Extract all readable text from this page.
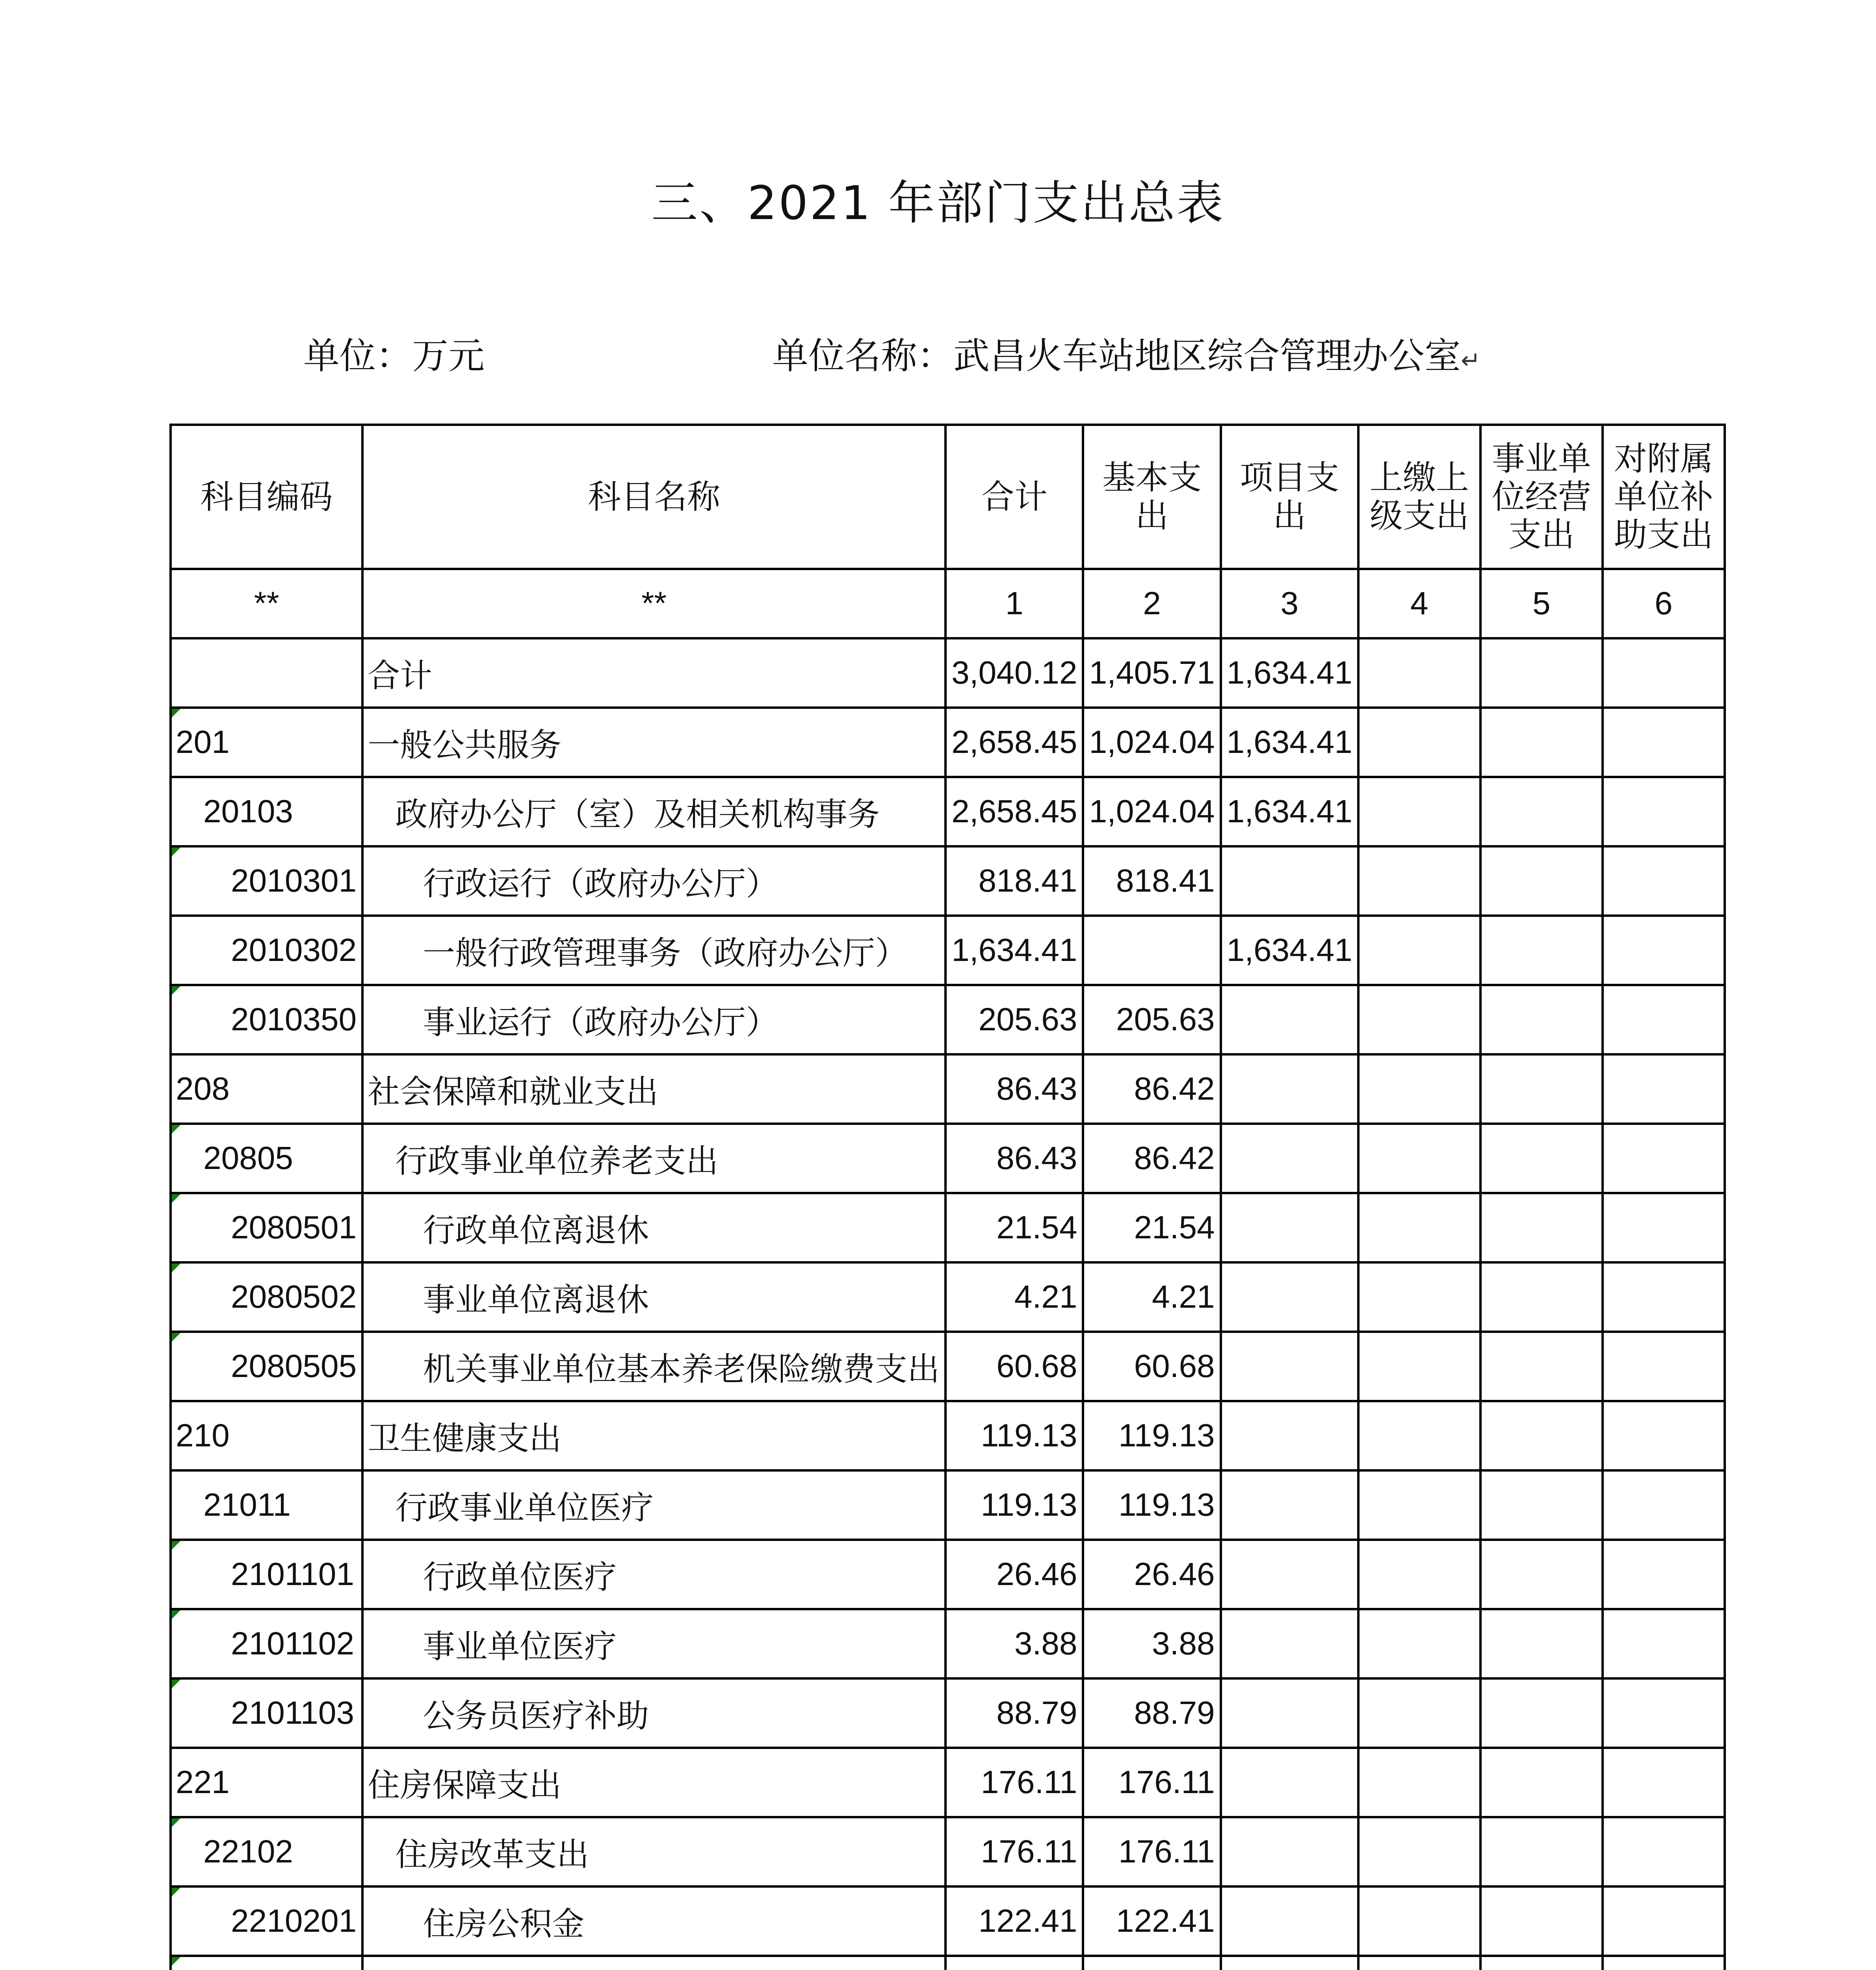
三、2021 年部门支出总表
单位：万元	单位名称：武昌火车站地区综合管理办公室↵
科目编码	科目名称	合计	基本支出	项目支出	上缴上级支出	事业单位经营支出	对附属单位补助支出
**	**	1	2	3	4	5	6
	合计	3,040.12	1,405.71	1,634.41			
201	一般公共服务	2,658.45	1,024.04	1,634.41			
20103	政府办公厅（室）及相关机构事务	2,658.45	1,024.04	1,634.41			
2010301	行政运行（政府办公厅）	818.41	818.41				
2010302	一般行政管理事务（政府办公厅）	1,634.41		1,634.41			
2010350	事业运行（政府办公厅）	205.63	205.63				
208	社会保障和就业支出	86.43	86.42				
20805	行政事业单位养老支出	86.43	86.42				
2080501	行政单位离退休	21.54	21.54				
2080502	事业单位离退休	4.21	4.21				
2080505	机关事业单位基本养老保险缴费支出	60.68	60.68				
210	卫生健康支出	119.13	119.13				
21011	行政事业单位医疗	119.13	119.13				
2101101	行政单位医疗	26.46	26.46				
2101102	事业单位医疗	3.88	3.88				
2101103	公务员医疗补助	88.79	88.79				
221	住房保障支出	176.11	176.11				
22102	住房改革支出	176.11	176.11				
2210201	住房公积金	122.41	122.41				
